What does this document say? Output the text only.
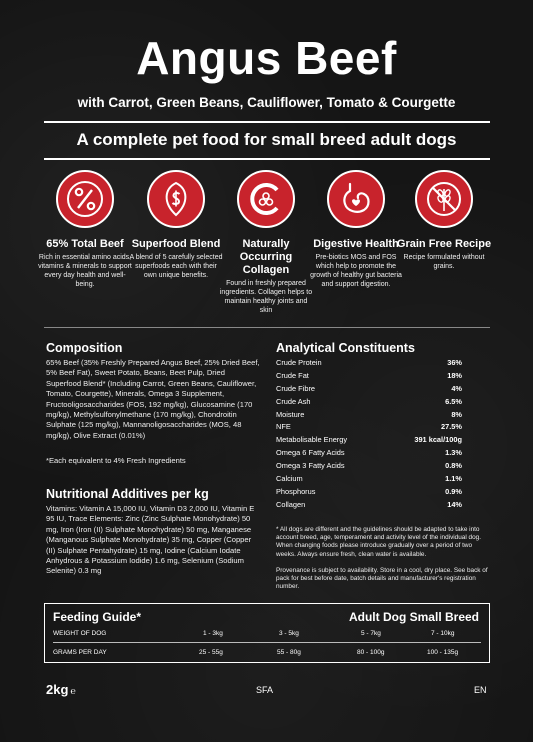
Angus Beef
with Carrot, Green Beans, Cauliflower, Tomato & Courgette
A complete pet food for small breed adult dogs
65% Total Beef
Rich in essential amino acids, vitamins & minerals to support every day health and well-being.
Superfood Blend
A blend of 5 carefully selected superfoods each with their own unique benefits.
Naturally Occurring Collagen
Found in freshly prepared ingredients. Collagen helps to maintain healthy joints and skin
Digestive Health
Pre-biotics MOS and FOS which help to promote the growth of healthy gut bacteria and support digestion.
Grain Free Recipe
Recipe formulated without grains.
Composition
65% Beef (35% Freshly Prepared Angus Beef, 25% Dried Beef, 5% Beef Fat), Sweet Potato, Beans, Beet Pulp, Dried Superfood Blend* (Including Carrot, Green Beans, Cauliflower, Tomato, Courgette), Minerals, Omega 3 Supplement, Fructooligosaccharides (FOS, 192 mg/kg), Glucosamine (170 mg/kg), Methylsulfonylmethane (170 mg/kg), Chondroitin Sulphate (125 mg/kg), Mannanoligosaccharides (MOS, 48 mg/kg), Olive Extract (0.01%)
*Each equivalent to 4% Fresh Ingredients
Nutritional Additives per kg
Vitamins: Vitamin A 15,000 IU, Vitamin D3 2,000 IU, Vitamin E 95 IU, Trace Elements: Zinc (Zinc Sulphate Monohydrate) 50 mg, Iron (Iron (II) Sulphate Monohydrate) 50 mg, Manganese (Manganous Sulphate Monohydrate) 35 mg, Copper (Copper (II) Sulphate Pentahydrate) 15 mg, Iodine (Calcium Iodate Anhydrous & Potassium Iodide) 1.6 mg, Selenium (Sodium Selenite) 0.3 mg
Analytical Constituents
Crude Protein	36%
Crude Fat	18%
Crude Fibre	4%
Crude Ash	6.5%
Moisture	8%
NFE	27.5%
Metabolisable Energy	391 kcal/100g
Omega 6 Fatty Acids	1.3%
Omega 3 Fatty Acids	0.8%
Calcium	1.1%
Phosphorus	0.9%
Collagen	14%
* All dogs are different and the guidelines should be adapted to take into account breed, age, temperament and activity level of the individual dog. When changing foods please introduce gradually over a period of two weeks. Always ensure fresh, clean water is available.
Provenance is subject to availability. Store in a cool, dry place. See back of pack for best before date, batch details and manufacturer's registration number.
Feeding Guide*	Adult Dog Small Breed
WEIGHT OF DOG	1 - 3kg	3 - 5kg	5 - 7kg	7 - 10kg
GRAMS PER DAY	25 - 55g	55 - 80g	80 - 100g	100 - 135g
2kg ℮	SFA	EN
